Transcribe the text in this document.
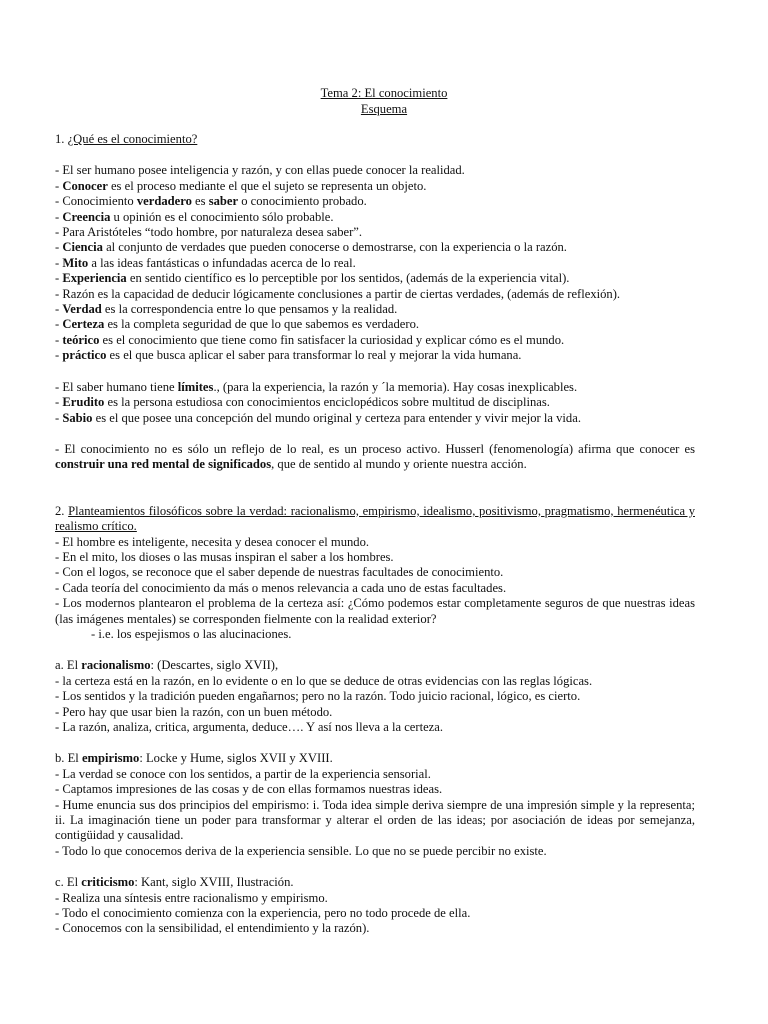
Tema 2: El conocimiento
Esquema
1. ¿Qué es el conocimiento?
- El ser humano posee inteligencia y razón, y con ellas puede conocer la realidad.
- Conocer es el proceso mediante el que el sujeto se representa un objeto.
- Conocimiento verdadero es saber o conocimiento probado.
- Creencia u opinión es el conocimiento sólo probable.
- Para Aristóteles “todo hombre, por naturaleza desea saber”.
- Ciencia al conjunto de verdades que pueden conocerse o demostrarse, con la experiencia o la razón.
- Mito a las ideas fantásticas o infundadas acerca de lo real.
- Experiencia en sentido científico es lo perceptible por los sentidos, (además de la experiencia vital).
- Razón es la capacidad de deducir lógicamente conclusiones a partir de ciertas verdades, (además de reflexión).
- Verdad es la correspondencia entre lo que pensamos y la realidad.
- Certeza es la completa seguridad de que lo que sabemos es verdadero.
- teórico es el conocimiento que tiene como fin satisfacer la curiosidad y explicar cómo es el mundo.
- práctico es el que busca aplicar el saber para transformar lo real y mejorar la vida humana.
- El saber humano tiene límites., (para la experiencia, la razón y ´la memoria). Hay cosas inexplicables.
- Erudito es la persona estudiosa con conocimientos enciclopédicos sobre multitud de disciplinas.
- Sabio es el que posee una concepción del mundo original y certeza para entender y vivir mejor la vida.
- El conocimiento no es sólo un reflejo de lo real, es un proceso activo. Husserl (fenomenología) afirma que conocer es construir una red mental de significados, que de sentido al mundo y oriente nuestra acción.
2. Planteamientos filosóficos sobre la verdad: racionalismo, empirismo, idealismo, positivismo, pragmatismo, hermenéutica y realismo crítico.
- El hombre es inteligente, necesita y desea conocer el mundo.
- En el mito, los dioses o las musas inspiran el saber a los hombres.
- Con el logos, se reconoce que el saber depende de nuestras facultades de conocimiento.
- Cada teoría del conocimiento da más o menos relevancia a cada uno de estas facultades.
- Los modernos plantearon el problema de la certeza así: ¿Cómo podemos estar completamente seguros de que nuestras ideas (las imágenes mentales) se corresponden fielmente con la realidad exterior?
- i.e. los espejismos o las alucinaciones.
a. El racionalismo: (Descartes, siglo XVII),
- la certeza está en la razón, en lo evidente o en lo que se deduce de otras evidencias con las reglas lógicas.
- Los sentidos y la tradición pueden engañarnos; pero no la razón. Todo juicio racional, lógico, es cierto.
- Pero hay que usar bien la razón, con un buen método.
- La razón, analiza, critica, argumenta, deduce…. Y así nos lleva a la certeza.
b. El empirismo: Locke y Hume, siglos XVII y XVIII.
- La verdad se conoce con los sentidos, a partir de la experiencia sensorial.
- Captamos impresiones de las cosas y de con ellas formamos nuestras ideas.
- Hume enuncia sus dos principios del empirismo: i. Toda idea simple deriva siempre de una impresión simple y la representa; ii. La imaginación tiene un poder para transformar y alterar el orden de las ideas; por asociación de ideas por semejanza, contigüidad y causalidad.
- Todo lo que conocemos deriva de la experiencia sensible. Lo que no se puede percibir no existe.
c. El criticismo: Kant, siglo XVIII, Ilustración.
- Realiza una síntesis entre racionalismo y empirismo.
- Todo el conocimiento comienza con la experiencia, pero no todo procede de ella.
- Conocemos con la sensibilidad, el entendimiento y la razón).
